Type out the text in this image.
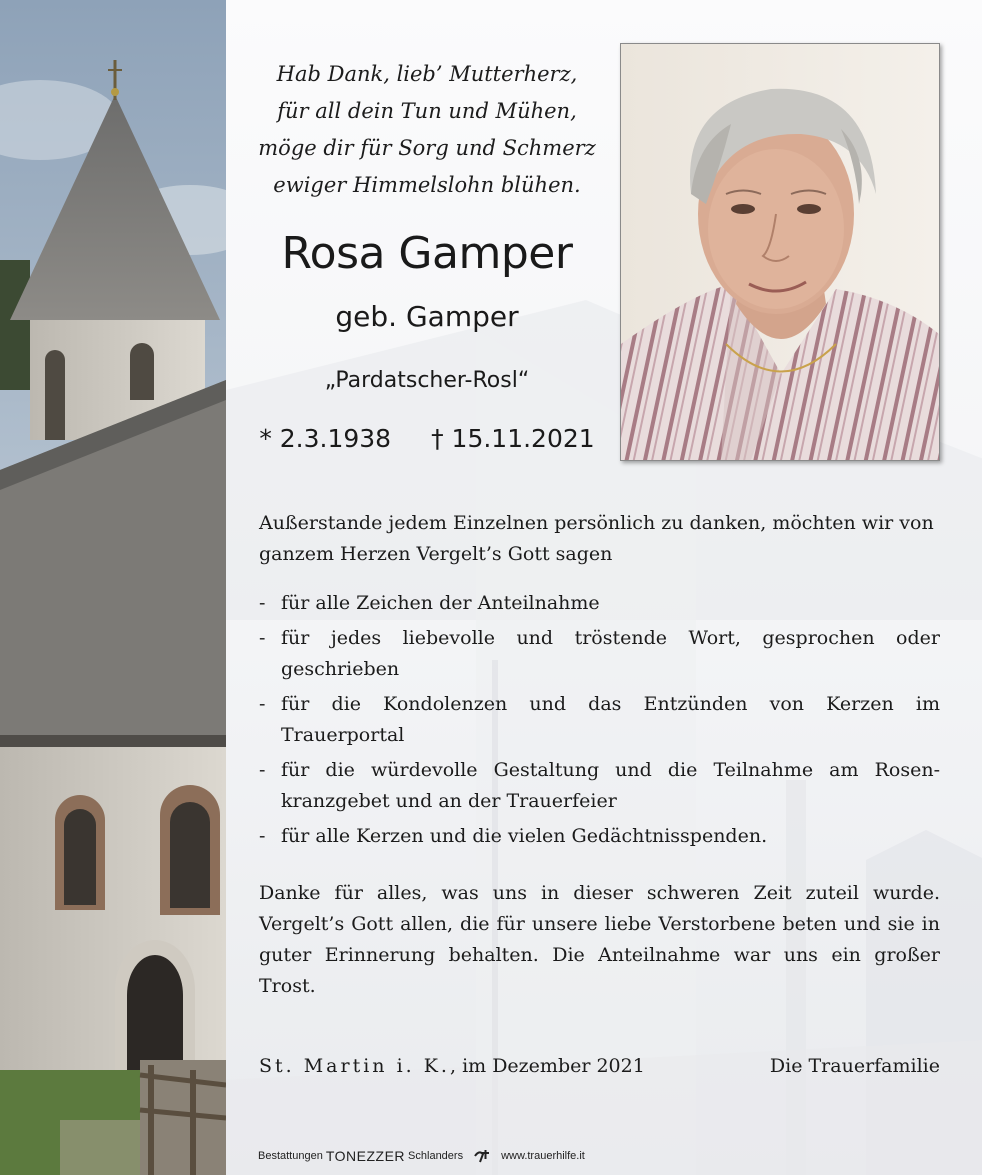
Hab Dank, lieb’ Mutterherz,
für all dein Tun und Mühen,
möge dir für Sorg und Schmerz
ewiger Himmelslohn blühen.
Rosa Gamper
geb. Gamper
„Pardatscher-Rosl“
* 2.3.1938 † 15.11.2021
Außerstande jedem Einzelnen persönlich zu danken, möchten wir von ganzem Herzen Vergelt’s Gott sagen
- für alle Zeichen der Anteilnahme
- für jedes liebevolle und tröstende Wort, gesprochen oder geschrieben
- für die Kondolenzen und das Entzünden von Kerzen im Trauerportal
- für die würdevolle Gestaltung und die Teilnahme am Rosenkranzgebet und an der Trauerfeier
- für alle Kerzen und die vielen Gedächtnisspenden.
Danke für alles, was uns in dieser schweren Zeit zuteil wurde. Vergelt’s Gott allen, die für unsere liebe Verstorbene beten und sie in guter Erinnerung behalten. Die Anteilnahme war uns ein großer Trost.
St. Martin i. K., im Dezember 2021	Die Trauerfamilie
Bestattungen TONEZZER Schlanders	www.trauerhilfe.it
